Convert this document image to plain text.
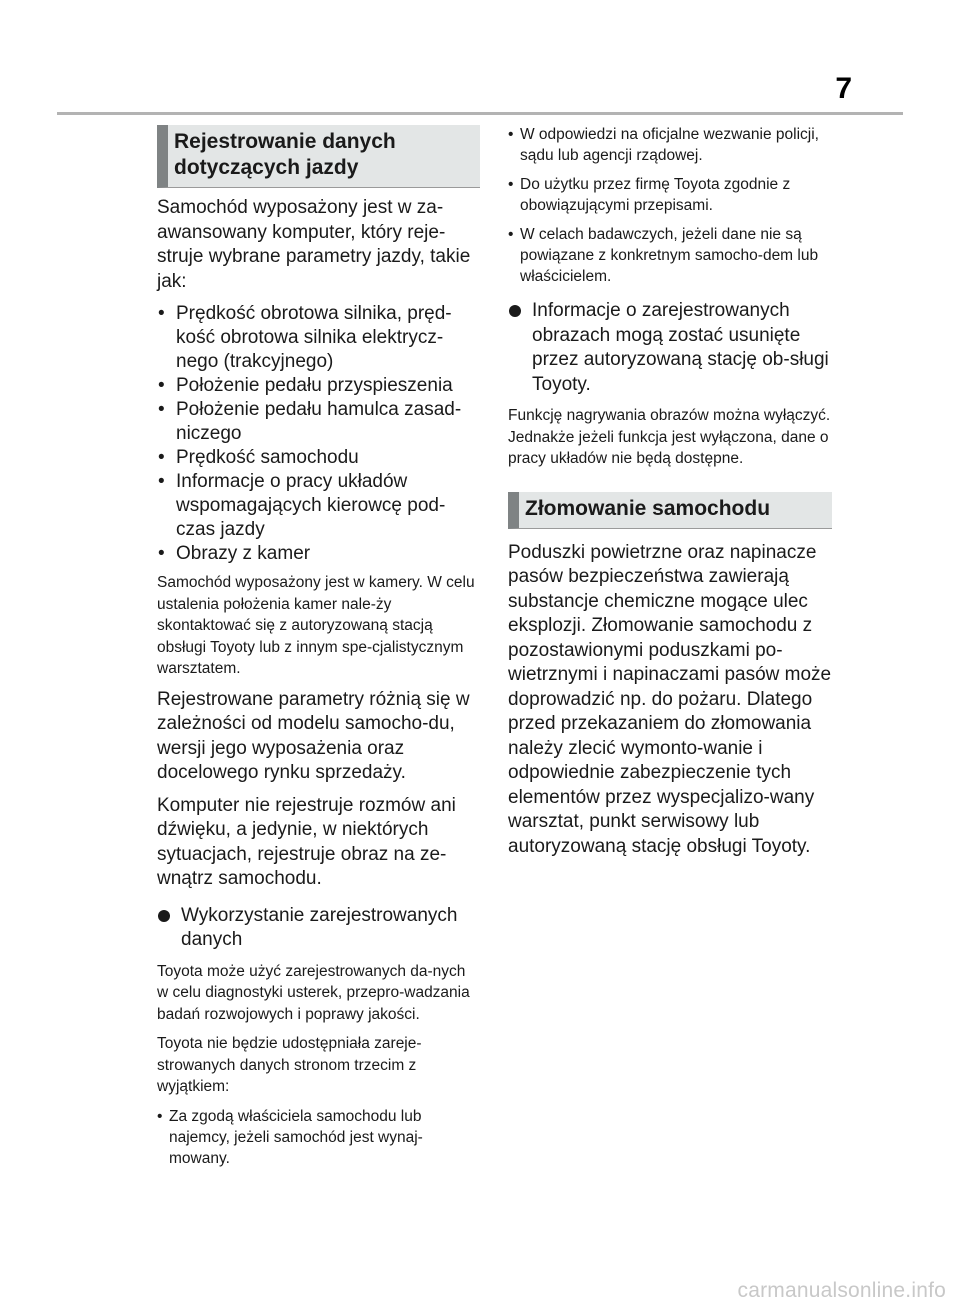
7
Rejestrowanie danych
dotyczących jazdy

Samochód wyposażony jest w za-awansowany komputer, który reje-struje wybrane parametry jazdy, takie jak:

• Prędkość obrotowa silnika, pręd-kość obrotowa silnika elektrycz-nego (trakcyjnego)
• Położenie pedału przyspieszenia
• Położenie pedału hamulca zasad-niczego
• Prędkość samochodu
• Informacje o pracy układów wspomagających kierowcę pod-czas jazdy
• Obrazy z kamer

Samochód wyposażony jest w kamery. W celu ustalenia położenia kamer nale-ży skontaktować się z autoryzowaną stacją obsługi Toyoty lub z innym spe-cjalistycznym warsztatem.

Rejestrowane parametry różnią się w zależności od modelu samocho-du, wersji jego wyposażenia oraz docelowego rynku sprzedaży.

Komputer nie rejestruje rozmów ani dźwięku, a jedynie, w niektórych sytuacjach, rejestruje obraz na ze-wnątrz samochodu.

Wykorzystanie zarejestrowanych danych

Toyota może użyć zarejestrowanych da-nych w celu diagnostyki usterek, przepro-wadzania badań rozwojowych i poprawy jakości.

Toyota nie będzie udostępniała zareje-strowanych danych stronom trzecim z wyjątkiem:

• Za zgodą właściciela samochodu lub najemcy, jeżeli samochód jest wynaj-mowany.
• W odpowiedzi na oficjalne wezwanie policji, sądu lub agencji rządowej.
• Do użytku przez firmę Toyota zgodnie z obowiązującymi przepisami.
• W celach badawczych, jeżeli dane nie są powiązane z konkretnym samocho-dem lub właścicielem.
Informacje o zarejestrowanych obrazach mogą zostać usunięte przez autoryzowaną stację ob-sługi Toyoty.

Funkcję nagrywania obrazów można wyłączyć. Jednakże jeżeli funkcja jest wyłączona, dane o pracy układów nie będą dostępne.

Złomowanie samochodu

Poduszki powietrzne oraz napinacze pasów bezpieczeństwa zawierają substancje chemiczne mogące ulec eksplozji. Złomowanie samochodu z pozostawionymi poduszkami po-wietrznymi i napinaczami pasów może doprowadzić np. do pożaru. Dlatego przed przekazaniem do złomowania należy zlecić wymonto-wanie i odpowiednie zabezpieczenie tych elementów przez wyspecjalizo-wany warsztat, punkt serwisowy lub autoryzowaną stację obsługi Toyoty.

carmanualsonline.info
